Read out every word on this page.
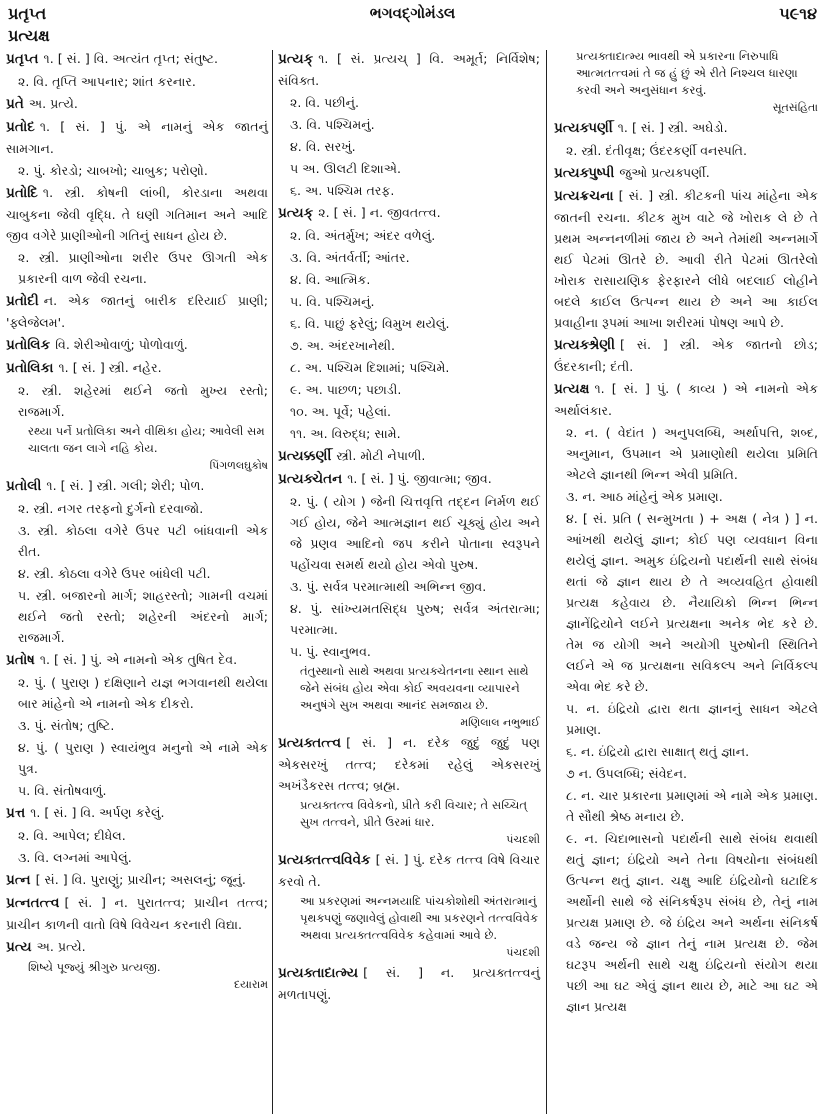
પ્રતૃપ્ત
પ્રત્યક્ષ
ભગવદ્ગોમંડલ	૫૯૧૪
પ્રતૃપ્ત ૧. [ સં. ] વિ. અત્યંત તૃપ્ત; સંતુષ્ટ.
૨. વિ. તૃપ્તિ આપનાર; શાંત કરનાર.
પ્રતે અ. પ્રત્યે.
પ્રતોદ ૧. [ સં. ] પું. એ નામનું એક જાતનું સામગાન.
૨. પું. કોરડો; ચાબખો; ચાબુક; પરોણો.
પ્રતોદિ ૧. સ્ત્રી. કોષની લાંબી, કોરડાના અથવા ચાબુકના જેવી વૃદ્ધિ. તે ઘણી ગતિમાન અને આદિ જીવ વગેરે પ્રાણીઓની ગતિનું સાધન હોય છે.
૨. સ્ત્રી. પ્રાણીઓના શરીર ઉપર ઊગતી એક પ્રકારની વાળ જેવી રચના.
પ્રતોદી ન. એક જાતનું બારીક દરિયાઈ પ્રાણી; 'ફ્લેજેલમ'.
પ્રતોલિક વિ. શેરીઓવાળું; પોળોવાળું.
પ્રતોલિકા ૧. [ સં. ] સ્ત્રી. નહેર.
૨. સ્ત્રી. શહેરમાં થઈને જતો મુખ્ય રસ્તો; રાજમાર્ગ.
રથ્યા પર્ને પ્રતોલિકા અને વીથિકા હોય; આવેલી સમ ચાલતા જન લાગે નહિ કોય.
પિંગળલઘુકોષ
પ્રતોલી ૧. [ સં. ] સ્ત્રી. ગલી; શેરી; પોળ.
૨. સ્ત્રી. નગર તરફનો દુર્ગનો દરવાજો.
૩. સ્ત્રી. કોઠલા વગેરે ઉપર પટી બાંધવાની એક રીત.
૪. સ્ત્રી. કોઠલા વગેરે ઉપર બાંધેલી પટી.
૫. સ્ત્રી. બજારનો માર્ગ; શાહરસ્તો; ગામની વચમાં થઈને જતો રસ્તો; શહેરની અંદરનો માર્ગ; રાજમાર્ગ.
પ્રતોષ ૧. [ સં. ] પું. એ નામનો એક તુષિત દેવ.
૨. પું. ( પુરાણ ) દક્ષિણાને યજ્ઞ ભગવાનથી થયેલા બાર માંહેનો એ નામનો એક દીકરો.
૩. પું. સંતોષ; તુષ્ટિ.
૪. પું. ( પુરાણ ) સ્વાયંભુવ મનુનો એ નામે એક પુત્ર.
૫. વિ. સંતોષવાળું.
પ્રત્ત ૧. [ સં. ] વિ. અર્પણ કરેલું.
૨. વિ. આપેલ; દીધેલ.
૩. વિ. લગ્નમાં આપેલું.
પ્રત્ન [ સં. ] વિ. પુરાણું; પ્રાચીન; અસલનું; જૂનું.
પ્રત્નતત્ત્વ [ સં. ] ન. પુરાતત્ત્વ; પ્રાચીન તત્ત્વ; પ્રાચીન કાળની વાતો વિષે વિવેચન કરનારી વિદ્યા.
પ્રત્ય અ. પ્રત્યે.
શિષ્યે પૂજ્યું શ્રીગુરુ પ્રત્યજી.
દયારામ
પ્રત્યક્ ૧. [ સં. પ્રત્યચ્ ] વિ. અમૂર્ત; નિર્વિશેષ; સંવિક્ત.
૨. વિ. પછીનું.
૩. વિ. પશ્ચિમનું.
૪. વિ. સરખું.
૫ અ. ઊલટી દિશાએ.
૬. અ. પશ્ચિમ તરફ.
પ્રત્યક્ ૨. [ સં. ] ન. જીવતત્ત્વ.
૨. વિ. અંતર્મુખ; અંદર વળેલું.
૩. વિ. અંતર્વર્તી; આંતર.
૪. વિ. આત્મિક.
૫. વિ. પશ્ચિમનું.
૬. વિ. પાછું ફરેલું; વિમુખ થયેલું.
૭. અ. અંદરખાનેથી.
૮. અ. પશ્ચિમ દિશામાં; પશ્ચિમે.
૯. અ. પાછળ; પછાડી.
૧૦. અ. પૂર્વે; પહેલાં.
૧૧. અ. વિરુદ્ધ; સામે.
પ્રત્યક્કર્ણી સ્ત્રી. મોટી નેપાળી.
પ્રત્યક્ચેતન ૧. [ સં. ] પું. જીવાત્મા; જીવ.
૨. પું. ( યોગ ) જેની ચિત્તવૃત્તિ તદ્દન નિર્મળ થઈ ગઈ હોય, જેને આત્મજ્ઞાન થઈ ચૂક્યું હોય અને જે પ્રણવ આદિનો જપ કરીને પોતાના સ્વરૂપને પહોંચવા સમર્થ થયો હોય એવો પુરુષ.
૩. પું. સર્વત્ર પરમાત્માથી અભિન્ન જીવ.
૪. પું. સાંખ્યમતસિદ્ધ પુરુષ; સર્વત્ર અંતરાત્મા; પરમાત્મા.
૫. પું. સ્વાનુભવ.
તંતુસ્થાનો સાથે અથવા પ્રત્યક્ચેતનના સ્થાન સાથે જેને સંબંધ હોય એવા કોઈ અવયવના વ્યાપારને અનુષંગે સુખ અથવા આનંદ સમજાય છે.
મણિલાલ નભુભાઈ
પ્રત્યક્તત્ત્વ [ સં. ] ન. દરેક જુદું જુદું પણ એકસરખું તત્ત્વ; દરેકમાં રહેલું એકસરખું અખંડૈકરસ તત્ત્વ; બ્રહ્મ.
પ્રત્યક્તત્ત્વ વિવેકનો, પ્રીતે કરી વિચાર; તે સચ્ચિત્ સુખ તત્ત્વને, પ્રીતે ઉરમાં ધાર.
પંચદશી
પ્રત્યક્તત્ત્વવિવેક [ સં. ] પું. દરેક તત્ત્વ વિષે વિચાર કરવો તે.
આ પ્રકરણમાં અન્નમયાદિ પાંચકોશોથી અંતરાત્માનું પૃથક્પણું જણાવેલું હોવાથી આ પ્રકરણને તત્ત્વવિવેક અથવા પ્રત્યક્તત્ત્વવિવેક કહેવામાં આવે છે.
પંચદશી
પ્રત્યક્તાદાત્મ્ય [ સં. ] ન. પ્રત્યક્તત્ત્વનું મળતાપણું.
પ્રત્યક્તાદાત્મ્ય ભાવથી એ પ્રકારના નિરુપાધિ આત્મતત્ત્વમાં તે જ હું છું એ રીતે નિશ્ચલ ધારણા કરવી અને અનુસંધાન કરવું.
સૂતસંહિતા
પ્રત્યક્પર્ણી ૧. [ સં. ] સ્ત્રી. અઘેડો.
૨. સ્ત્રી. દંતીવૃક્ષ; ઉંદરકર્ણી વનસ્પતિ.
પ્રત્યક્પુષ્પી જુઓ પ્રત્યક્પર્ણી.
પ્રત્યક્રચના [ સં. ] સ્ત્રી. કીટકની પાંચ માંહેના એક જાતની રચના. કીટક મુખ વાટે જે ખોરાક લે છે તે પ્રથમ અન્નનળીમાં જાય છે અને તેમાંથી અન્નમાર્ગે થઈ પેટમાં ઊતરે છે. આવી રીતે પેટમાં ઊતરેલો ખોરાક રાસાયણિક ફેરફારને લીધે બદલાઈ લોહીને બદલે કાઈલ ઉત્પન્ન થાય છે અને આ કાઈલ પ્રવાહીના રૂપમાં આખા શરીરમાં પોષણ આપે છે.
પ્રત્યક્શ્રેણી [ સં. ] સ્ત્રી. એક જાતનો છોડ; ઉંદરકાની; દંતી.
પ્રત્યક્ષ ૧. [ સં. ] પું. ( કાવ્ય ) એ નામનો એક અર્થાલંકાર.
૨. ન. ( વેદાંત ) અનુપલબ્ધિ, અર્થાપત્તિ, શબ્દ, અનુમાન, ઉપમાન એ પ્રમાણોથી થયેલા પ્રમિતિ એટલે જ્ઞાનથી ભિન્ન એવી પ્રમિતિ.
૩. ન. આઠ માંહેનું એક પ્રમાણ.
૪. [ સં. પ્રતિ ( સન્મુખતા ) + અક્ષ ( નેત્ર ) ] ન. આંખથી થયેલું જ્ઞાન; કોઈ પણ વ્યવધાન વિના થયેલું જ્ઞાન. અમુક ઇંદ્રિયનો પદાર્થની સાથે સંબંધ થતાં જે જ્ઞાન થાય છે તે અવ્યવહિત હોવાથી પ્રત્યક્ષ કહેવાય છે. નૈયાયિકો ભિન્ન ભિન્ન જ્ઞાનેંદ્રિયોને લઈને પ્રત્યક્ષના અનેક ભેદ કરે છે. તેમ જ યોગી અને અયોગી પુરુષોની સ્થિતિને લઈને એ જ પ્રત્યક્ષના સવિકલ્પ અને નિર્વિકલ્પ એવા ભેદ કરે છે.
૫. ન. ઇંદ્રિયો દ્વારા થતા જ્ઞાનનું સાધન એટલે પ્રમાણ.
૬. ન. ઇંદ્રિયો દ્વારા સાક્ષાત્ થતું જ્ઞાન.
૭ ન. ઉપલબ્ધિ; સંવેદન.
૮. ન. ચાર પ્રકારના પ્રમાણમાં એ નામે એક પ્રમાણ. તે સૌથી શ્રેષ્ઠ મનાય છે.
૯. ન. ચિદાભાસનો પદાર્થની સાથે સંબંધ થવાથી થતું જ્ઞાન; ઇંદ્રિયો અને તેના વિષયોના સંબંધથી ઉત્પન્ન થતું જ્ઞાન. ચક્ષુ આદિ ઇંદ્રિયોનો ઘટાદિક અર્થોની સાથે જે સંનિકર્ષરૂપ સંબંધ છે, તેનું નામ પ્રત્યક્ષ પ્રમાણ છે. જે ઇંદ્રિય અને અર્થના સંનિકર્ષ વડે જન્ય જે જ્ઞાન તેનું નામ પ્રત્યક્ષ છે. જેમ ઘટરૂપ અર્થની સાથે ચક્ષુ ઇંદ્રિયનો સંયોગ થયા પછી આ ઘટ એવું જ્ઞાન થાય છે, માટે આ ઘટ એ જ્ઞાન પ્રત્યક્ષ
